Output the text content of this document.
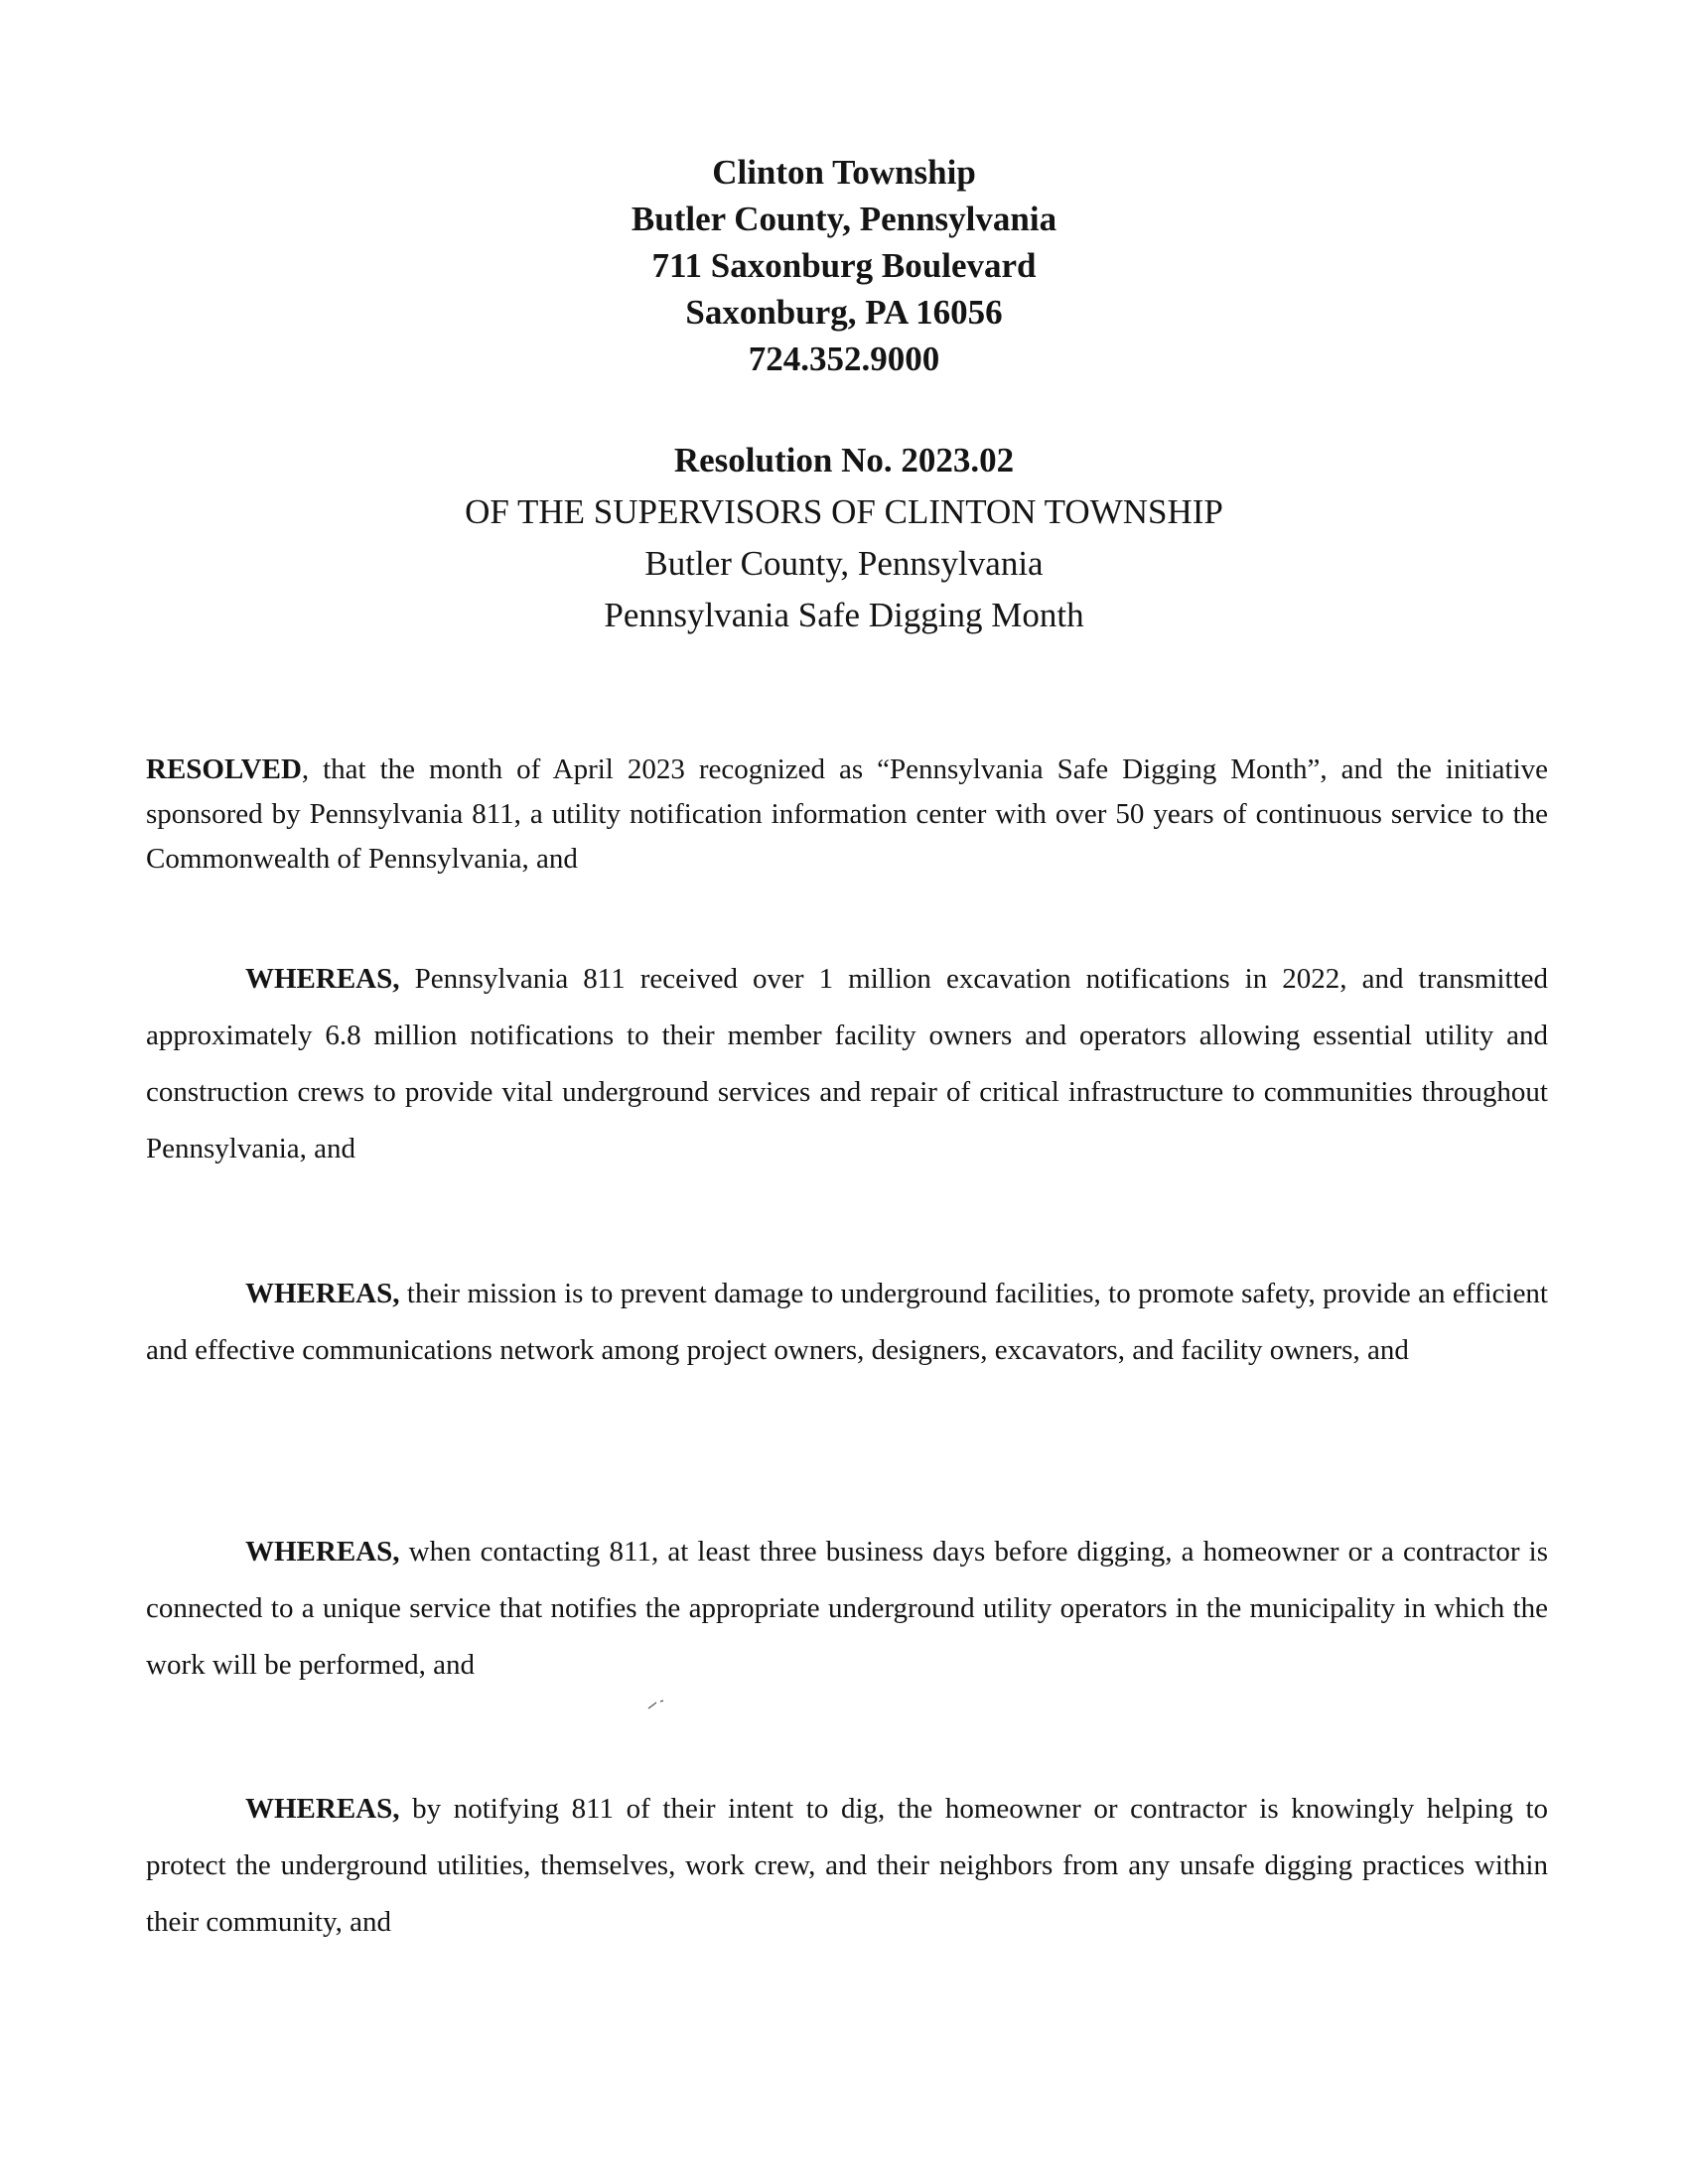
Clinton Township
Butler County, Pennsylvania
711 Saxonburg Boulevard
Saxonburg, PA 16056
724.352.9000
Resolution No. 2023.02
OF THE SUPERVISORS OF CLINTON TOWNSHIP
Butler County, Pennsylvania
Pennsylvania Safe Digging Month

RESOLVED, that the month of April 2023 recognized as “Pennsylvania Safe Digging Month”, and the initiative sponsored by Pennsylvania 811, a utility notification information center with over 50 years of continuous service to the Commonwealth of Pennsylvania, and

WHEREAS, Pennsylvania 811 received over 1 million excavation notifications in 2022, and transmitted approximately 6.8 million notifications to their member facility owners and operators allowing essential utility and construction crews to provide vital underground services and repair of critical infrastructure to communities throughout Pennsylvania, and

WHEREAS, their mission is to prevent damage to underground facilities, to promote safety, provide an efficient and effective communications network among project owners, designers, excavators, and facility owners, and

WHEREAS, when contacting 811, at least three business days before digging, a homeowner or a contractor is connected to a unique service that notifies the appropriate underground utility operators in the municipality in which the work will be performed, and

WHEREAS, by notifying 811 of their intent to dig, the homeowner or contractor is knowingly helping to protect the underground utilities, themselves, work crew, and their neighbors from any unsafe digging practices within their community, and
